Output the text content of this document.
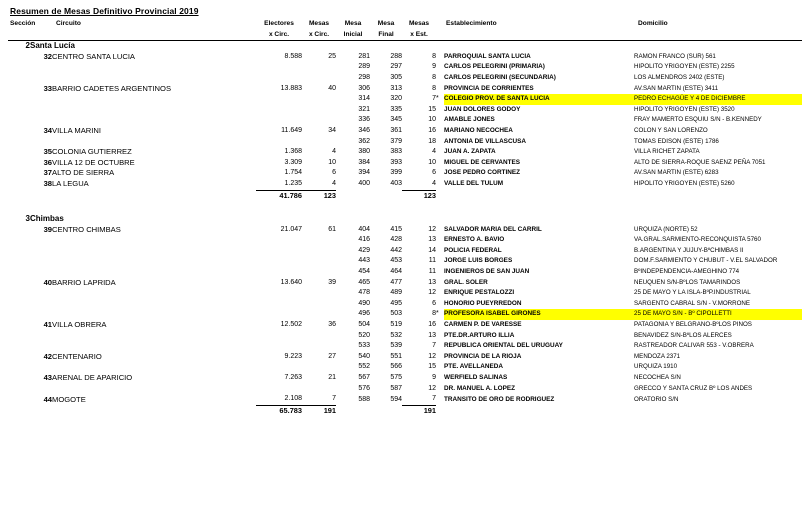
Resumen de Mesas Definitivo Provincial 2019
Sección		Circuito	Electores	Mesas	Mesa	Mesa	Mesas		Establecimiento	Domicilio
			x Circ.	x Circ.	Inicial	Final	x Est.			
2	Santa Lucía									
	32	CENTRO SANTA LUCIA	8.588	25	281	288	8		PARROQUIAL SANTA LUCIA	RAMON FRANCO (SUR) 561
					289	297	9		CARLOS PELEGRINI (PRIMARIA)	HIPOLITO YRIGOYEN (ESTE) 2255
					298	305	8		CARLOS PELEGRINI (SECUNDARIA)	LOS ALMENDROS 2402 (ESTE)
	33	BARRIO CADETES ARGENTINOS	13.883	40	306	313	8		PROVINCIA DE CORRIENTES	AV.SAN MARTIN (ESTE) 3411
					314	320	7	*	COLEGIO PROV. DE SANTA LUCIA	PEDRO ECHAGÜE Y 4 DE DICIEMBRE
					321	335	15		JUAN DOLORES GODOY	HIPOLITO YRIGOYEN (ESTE) 3520
					336	345	10		AMABLE JONES	FRAY MAMERTO ESQUIU S/N - B.KENNEDY
	34	VILLA MARINI	11.649	34	346	361	16		MARIANO NECOCHEA	COLON Y SAN LORENZO
					362	379	18		ANTONIA DE VILLASCUSA	TOMAS EDISON (ESTE) 1786
	35	COLONIA GUTIERREZ	1.368	4	380	383	4		JUAN A. ZAPATA	VILLA RICHET ZAPATA
	36	VILLA 12 DE OCTUBRE	3.309	10	384	393	10		MIGUEL DE CERVANTES	ALTO DE SIERRA-ROQUE SAENZ PEÑA 7051
	37	ALTO DE SIERRA	1.754	6	394	399	6		JOSE PEDRO CORTINEZ	AV.SAN MARTIN (ESTE) 6283
	38	LA LEGUA	1.235	4	400	403	4		VALLE DEL TULUM	HIPOLITO YRIGOYEN (ESTE) 5260
			41.786	123			123			

3	Chimbas									
	39	CENTRO CHIMBAS	21.047	61	404	415	12		SALVADOR MARIA DEL CARRIL	URQUIZA (NORTE) 52
					416	428	13		ERNESTO A. BAVIO	VA.GRAL.SARMIENTO-RECONQUISTA 5760
					429	442	14		POLICIA FEDERAL	B.ARGENTINA Y JUJUY-BºCHIMBAS II
					443	453	11		JORGE LUIS BORGES	DOM.F.SARMIENTO Y CHUBUT - V.EL SALVADOR
					454	464	11		INGENIEROS DE SAN JUAN	BºINDEPENDENCIA-AMEGHINO 774
	40	BARRIO LAPRIDA	13.640	39	465	477	13		GRAL. SOLER	NEUQUEN S/N-BºLOS TAMARINDOS
					478	489	12		ENRIQUE PESTALOZZI	25 DE MAYO Y LA ISLA-BºP.INDUSTRIAL
					490	495	6		HONORIO PUEYRREDON	SARGENTO CABRAL S/N - V.MORRONE
					496	503	8	*	PROFESORA ISABEL GIRONES	25 DE MAYO S/N - Bº CIPOLLETTI
	41	VILLA OBRERA	12.502	36	504	519	16		CARMEN P. DE VARESSE	PATAGONIA Y BELGRANO-BºLOS PINOS
					520	532	13		PTE.DR.ARTURO ILLIA	BENAVIDEZ S/N-BºLOS ALERCES
					533	539	7		REPUBLICA ORIENTAL DEL URUGUAY	RASTREADOR CALIVAR 553 - V.OBRERA
	42	CENTENARIO	9.223	27	540	551	12		PROVINCIA DE LA RIOJA	MENDOZA 2371
					552	566	15		PTE. AVELLANEDA	URQUIZA 1910
	43	ARENAL DE APARICIO	7.263	21	567	575	9		WERFIELD SALINAS	NECOCHEA S/N
					576	587	12		DR. MANUEL A. LOPEZ	GRECCO Y SANTA CRUZ Bº LOS ANDES
	44	MOGOTE	2.108	7	588	594	7		TRANSITO DE ORO DE RODRIGUEZ	ORATORIO S/N
			65.783	191			191			
